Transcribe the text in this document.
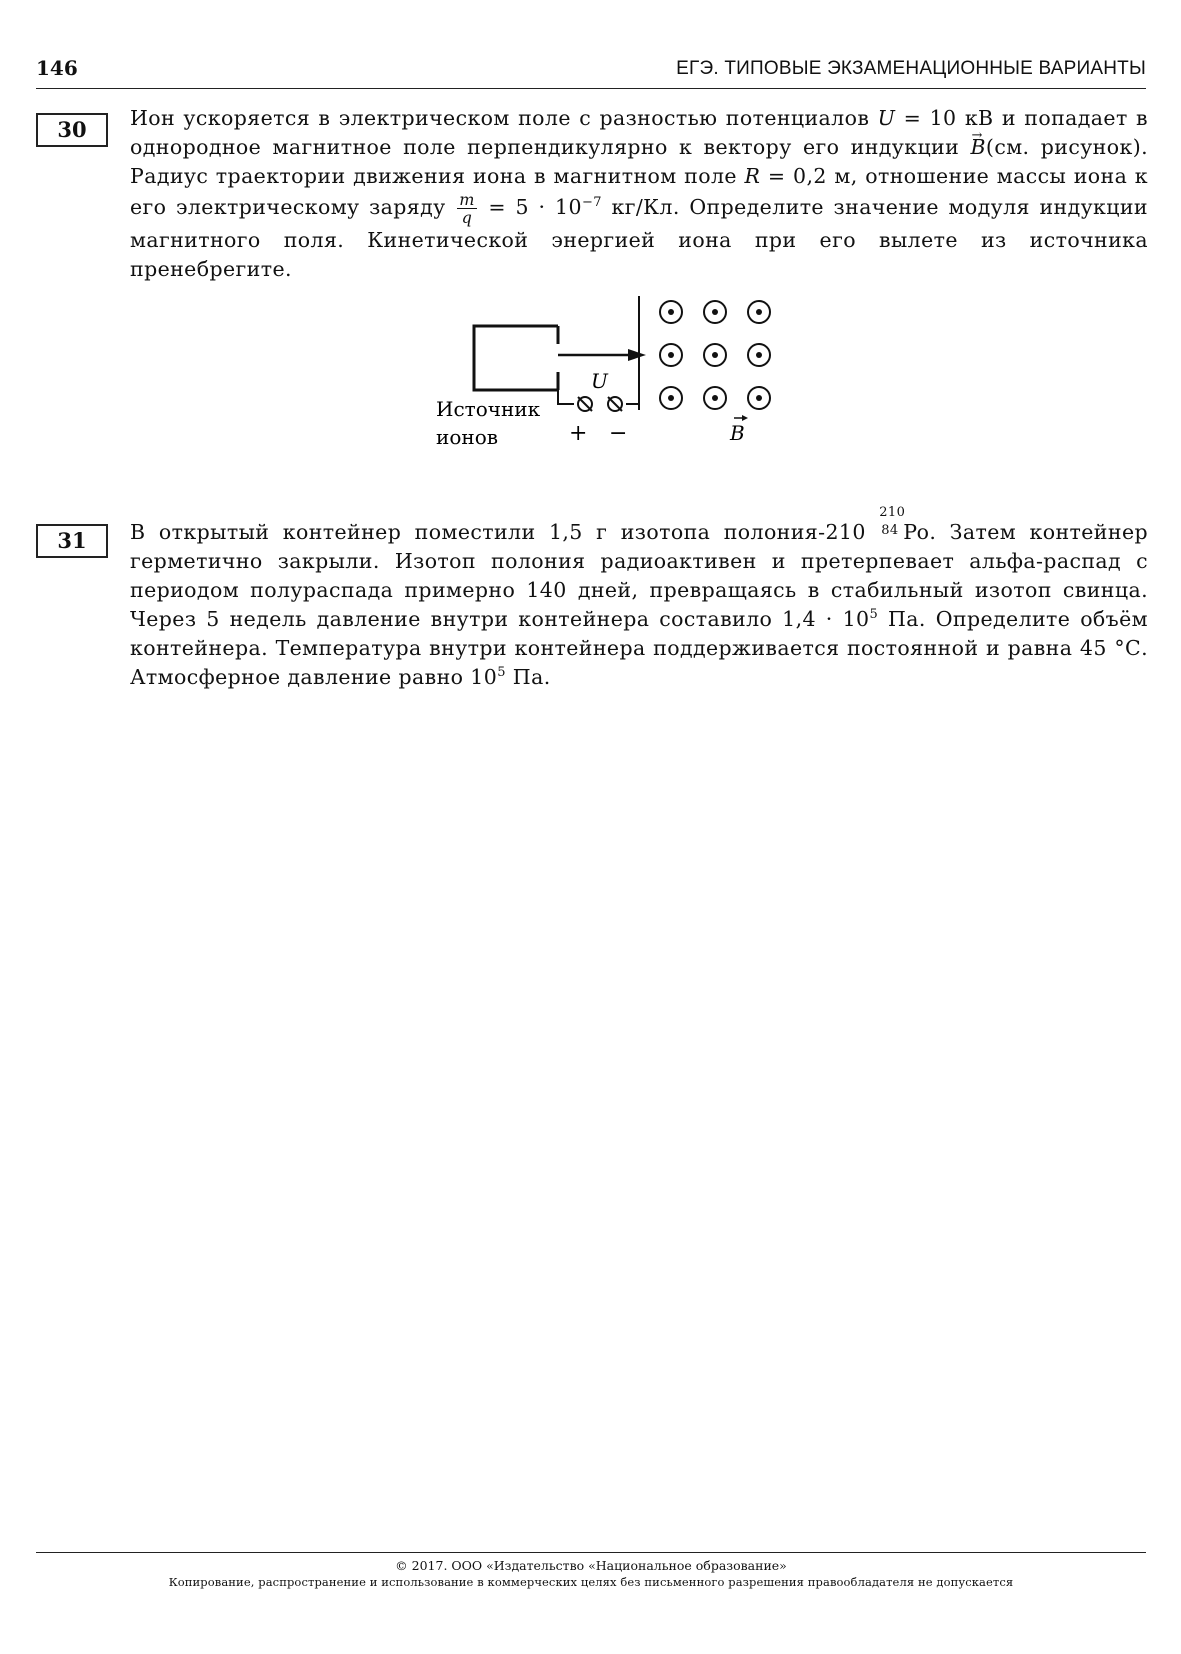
146	ЕГЭ. ТИПОВЫЕ ЭКЗАМЕНАЦИОННЫЕ ВАРИАНТЫ
30	Ион ускоряется в электрическом поле с разностью потенциалов U = 10 кВ и попадает в однородное магнитное поле перпендикулярно к вектору его индукции → B(см. рисунок). Радиус траектории движения иона в магнитном поле R = 0,2 м, отношение массы иона к его электрическому заряду $\frac{m}{q} = 5 \cdot 10^{-7}$ кг/Кл. Определите значение модуля индукции магнитного поля. Кинетической энергией иона при его вылете из источника пренебрегите.

Источник
ионов
U
+ −	B
31	В открытый контейнер поместили 1,5 г изотопа полония-210
210
84 Po. Затем контейнер герметично закрыли. Изотоп полония радиоактивен и претерпевает альфа-распад с периодом полураспада примерно 140 дней, превращаясь в стабильный изотоп свинца. Через 5 недель давление внутри контейнера составило $1,4 \cdot 10^5$ Па. Определите объём контейнера. Температура внутри контейнера поддерживается постоянной и равна 45 °С. Атмосферное давление равно $10^5$ Па.

© 2017. ООО «Издательство «Национальное образование»
Копирование, распространение и использование в коммерческих целях без письменного разрешения правообладателя не допускается
